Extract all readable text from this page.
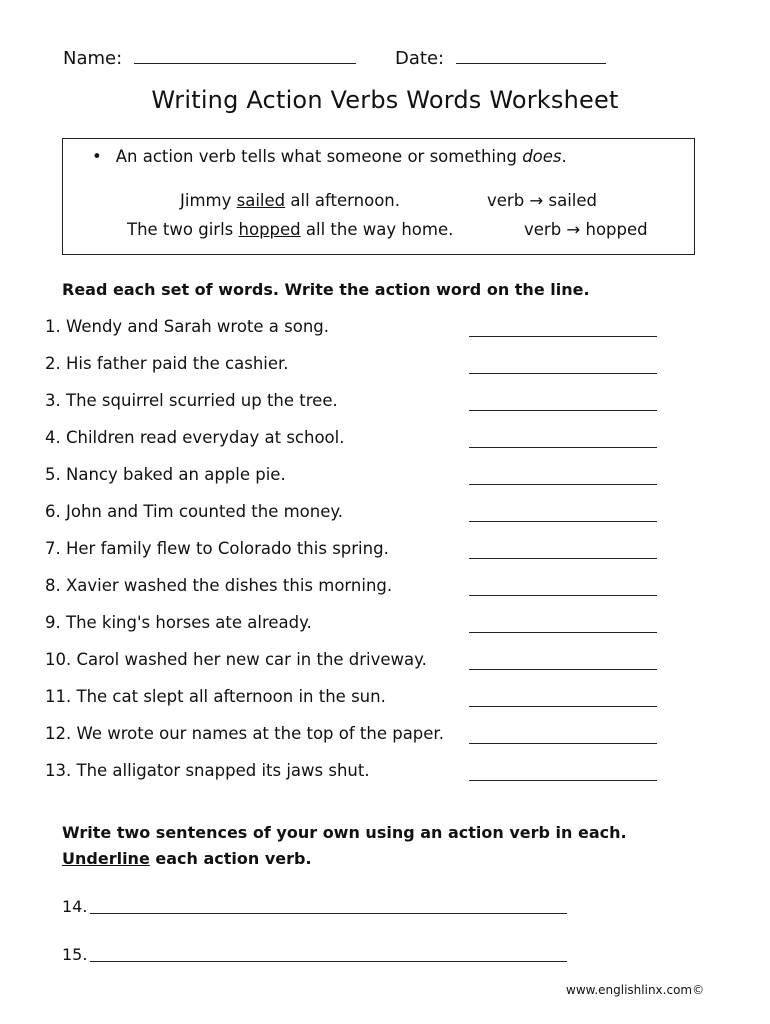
Name:	Date:
Writing Action Verbs Words Worksheet
• An action verb tells what someone or something does.
Jimmy sailed all afternoon.	verb → sailed
The two girls hopped all the way home.	verb → hopped
Read each set of words. Write the action word on the line.
1. Wendy and Sarah wrote a song.
2. His father paid the cashier.
3. The squirrel scurried up the tree.
4. Children read everyday at school.
5. Nancy baked an apple pie.
6. John and Tim counted the money.
7. Her family flew to Colorado this spring.
8. Xavier washed the dishes this morning.
9. The king's horses ate already.
10. Carol washed her new car in the driveway.
11. The cat slept all afternoon in the sun.
12. We wrote our names at the top of the paper.
13. The alligator snapped its jaws shut.
Write two sentences of your own using an action verb in each. Underline each action verb.
14.
15.
www.englishlinx.com©
